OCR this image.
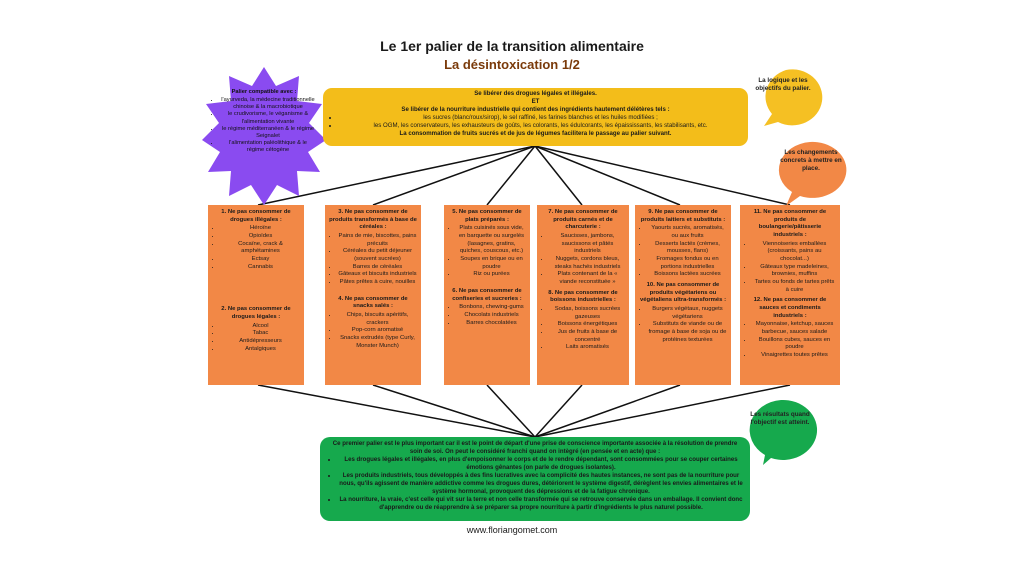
Le 1er palier de la transition alimentaire
La désintoxication 1/2
La logique et les objectifs du palier.
Les changements concrets à mettre en place.
Les résultats quand l'objectif est atteint.
Palier compatible avec :
• l'ayurveda, la médecine traditionnelle chinoise & la macrobiotique
• le crudivorisme, le véganisme & l'alimentation vivante
• le régime méditerranéen & le régime Seignalet
• l'alimentation paléolithique & le régime cétogène

Se libérer des drogues légales et illégales.

ET

Se libérer de la nourriture industrielle qui contient des ingrédients hautement délétères tels :

• les sucres (blanc/roux/sirop), le sel raffiné, les farines blanches et les huiles modifiées ;
• les OGM, les conservateurs, les exhausteurs de goûts, les colorants, les édulcorants, les épaississants, les stabilisants, etc.

La consommation de fruits sucrés et de jus de légumes facilitera le passage au palier suivant.

1. Ne pas consommer de drogues illégales :
• Héroïne
• Opioïdes
• Cocaïne, crack & amphétamines
• Ectsay
• Cannabis
2. Ne pas consommer de drogues légales :
• Alcool
• Tabac
• Antidépresseurs
• Antalgiques
3. Ne pas consommer de produits transformés à base de céréales :
• Pains de mie, biscottes, pains précuits
• Céréales du petit déjeuner (souvent sucrées)
• Barres de céréales
• Gâteaux et biscuits industriels
• Pâtes prêtes à cuire, nouilles
4. Ne pas consommer de snacks salés :
• Chips, biscuits apéritifs, crackers
• Pop-corn aromatisé
• Snacks extrudés (type Curly, Monster Munch)
5. Ne pas consommer de plats préparés :
• Plats cuisinés sous vide, en barquette ou surgelés (lasagnes, gratins, quiches, couscous, etc.)
• Soupes en brique ou en poudre
• Riz ou purées
6. Ne pas consommer de confiseries et sucreries :
• Bonbons, chewing-gums
• Chocolats industriels
• Barres chocolatées
7. Ne pas consommer de produits carnés et de charcuterie :
• Saucisses, jambons, saucissons et pâtés industriels
• Nuggets, cordons bleus, steaks hachés industriels
• Plats contenant de la « viande reconstituée »
8. Ne pas consommer de boissons industrielles :
• Sodas, boissons sucrées gazeuses
• Boissons énergétiques
• Jus de fruits à base de concentré
• Laits aromatisés
9. Ne pas consommer de produits laitiers et substituts :
• Yaourts sucrés, aromatisés, ou aux fruits
• Desserts lactés (crèmes, mousses, flans)
• Fromages fondus ou en portions industrielles
• Boissons lactées sucrées
10. Ne pas consommer de produits végétariens ou végétaliens ultra-transformés :
• Burgers végétaux, nuggets végétariens
• Substituts de viande ou de fromage à base de soja ou de protéines texturées
11. Ne pas consommer de produits de boulangerie/pâtisserie industriels :
• Viennoiseries emballées (croissants, pains au chocolat...)
• Gâteaux type madeleines, brownies, muffins
• Tartes ou fonds de tartes prêts à cuire
12. Ne pas consommer de sauces et condiments industriels :
• Mayonnaise, ketchup, sauces barbecue, sauces salade
• Bouillons cubes, sauces en poudre
• Vinaigrettes toutes prêtes

Ce premier palier est le plus important car il est le point de départ d'une prise de conscience importante associée à la résolution de prendre soin de soi. On peut le considéré franchi quand on intègré (en pensée et en acte) que :

• Les drogues légales et illégales, en plus d'empoisonner le corps et de le rendre dépendant, sont consommées pour se couper certaines émotions gênantes (on parle de drogues isolantes).
• Les produits industriels, tous développés à des fins lucratives avec la complicité des hautes instances, ne sont pas de la nourriture pour nous, qu'ils agissent de manière addictive comme les drogues dures, détériorent le système digestif, dérèglent les envies alimentaires et le système hormonal, provoquent des dépressions et de la fatigue chronique.
• La nourriture, la vraie, c'est celle qui vit sur la terre et non celle transformée qui se retrouve conservée dans un emballage. Il convient donc d'apprendre ou de réapprendre à se préparer sa propre nourriture à partir d'ingrédients le plus naturel possible.
www.floriangomet.com
